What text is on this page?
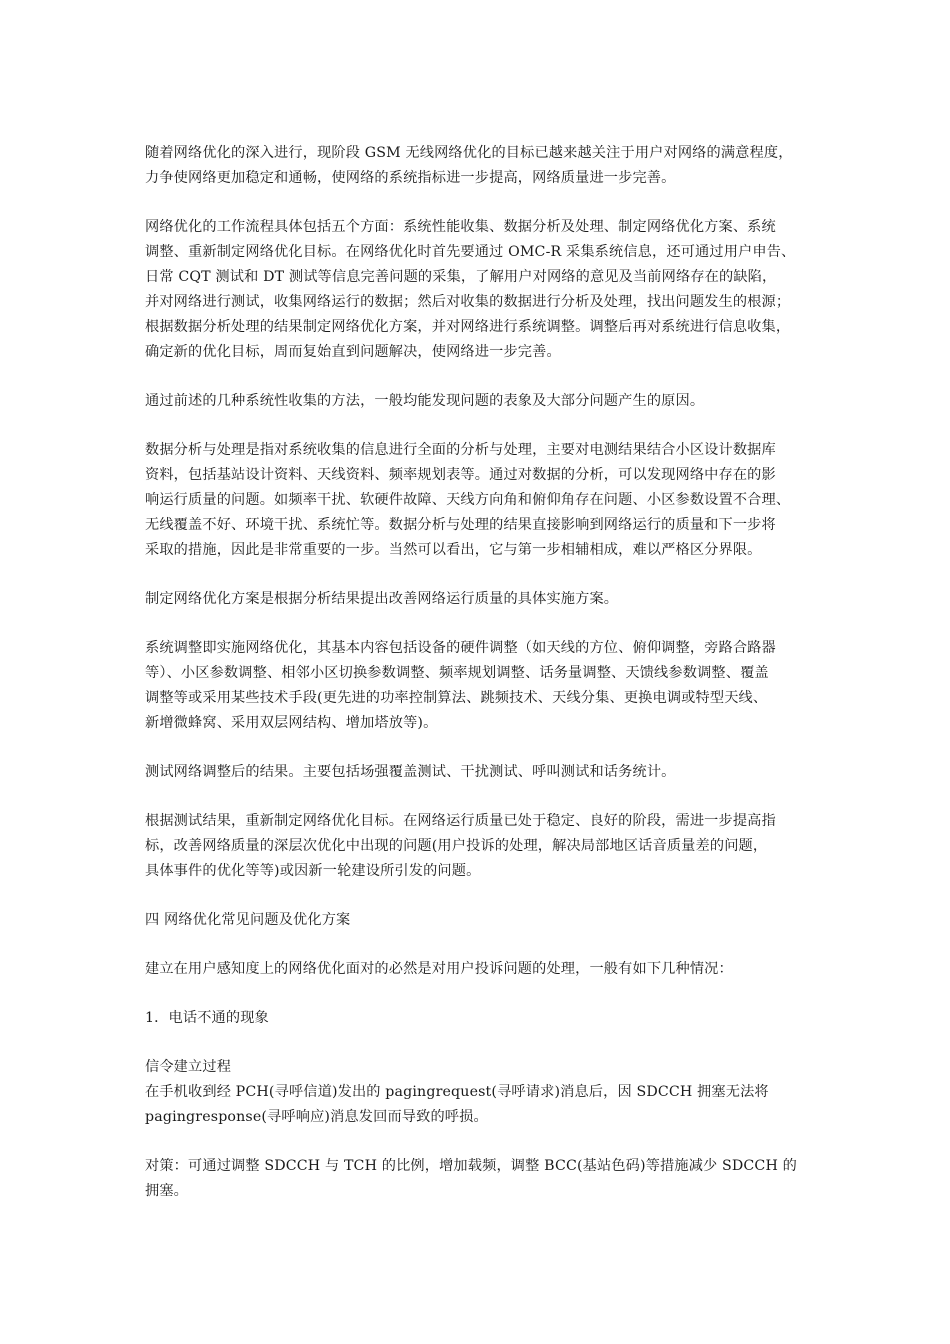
随着网络优化的深入进行，现阶段 GSM 无线网络优化的目标已越来越关注于用户对网络的满意程度，
力争使网络更加稳定和通畅，使网络的系统指标进一步提高，网络质量进一步完善。
网络优化的工作流程具体包括五个方面：系统性能收集、数据分析及处理、制定网络优化方案、系统
调整、重新制定网络优化目标。在网络优化时首先要通过 OMC-R 采集系统信息，还可通过用户申告、
日常 CQT 测试和 DT 测试等信息完善问题的采集，了解用户对网络的意见及当前网络存在的缺陷，
并对网络进行测试，收集网络运行的数据；然后对收集的数据进行分析及处理，找出问题发生的根源；
根据数据分析处理的结果制定网络优化方案，并对网络进行系统调整。调整后再对系统进行信息收集，
确定新的优化目标，周而复始直到问题解决，使网络进一步完善。
通过前述的几种系统性收集的方法，一般均能发现问题的表象及大部分问题产生的原因。
数据分析与处理是指对系统收集的信息进行全面的分析与处理，主要对电测结果结合小区设计数据库
资料，包括基站设计资料、天线资料、频率规划表等。通过对数据的分析，可以发现网络中存在的影
响运行质量的问题。如频率干扰、软硬件故障、天线方向角和俯仰角存在问题、小区参数设置不合理、
无线覆盖不好、环境干扰、系统忙等。数据分析与处理的结果直接影响到网络运行的质量和下一步将
采取的措施，因此是非常重要的一步。当然可以看出，它与第一步相辅相成，难以严格区分界限。
制定网络优化方案是根据分析结果提出改善网络运行质量的具体实施方案。
系统调整即实施网络优化，其基本内容包括设备的硬件调整（如天线的方位、俯仰调整，旁路合路器
等）、小区参数调整、相邻小区切换参数调整、频率规划调整、话务量调整、天馈线参数调整、覆盖
调整等或采用某些技术手段(更先进的功率控制算法、跳频技术、天线分集、更换电调或特型天线、
新增微蜂窝、采用双层网结构、增加塔放等)。
测试网络调整后的结果。主要包括场强覆盖测试、干扰测试、呼叫测试和话务统计。
根据测试结果，重新制定网络优化目标。在网络运行质量已处于稳定、良好的阶段，需进一步提高指
标，改善网络质量的深层次优化中出现的问题(用户投诉的处理，解决局部地区话音质量差的问题，
具体事件的优化等等)或因新一轮建设所引发的问题。
四 网络优化常见问题及优化方案
建立在用户感知度上的网络优化面对的必然是对用户投诉问题的处理，一般有如下几种情况：
1．电话不通的现象
信令建立过程
在手机收到经 PCH(寻呼信道)发出的 pagingrequest(寻呼请求)消息后，因 SDCCH 拥塞无法将
pagingresponse(寻呼响应)消息发回而导致的呼损。
对策：可通过调整 SDCCH 与 TCH 的比例，增加载频，调整 BCC(基站色码)等措施减少 SDCCH 的
拥塞。
